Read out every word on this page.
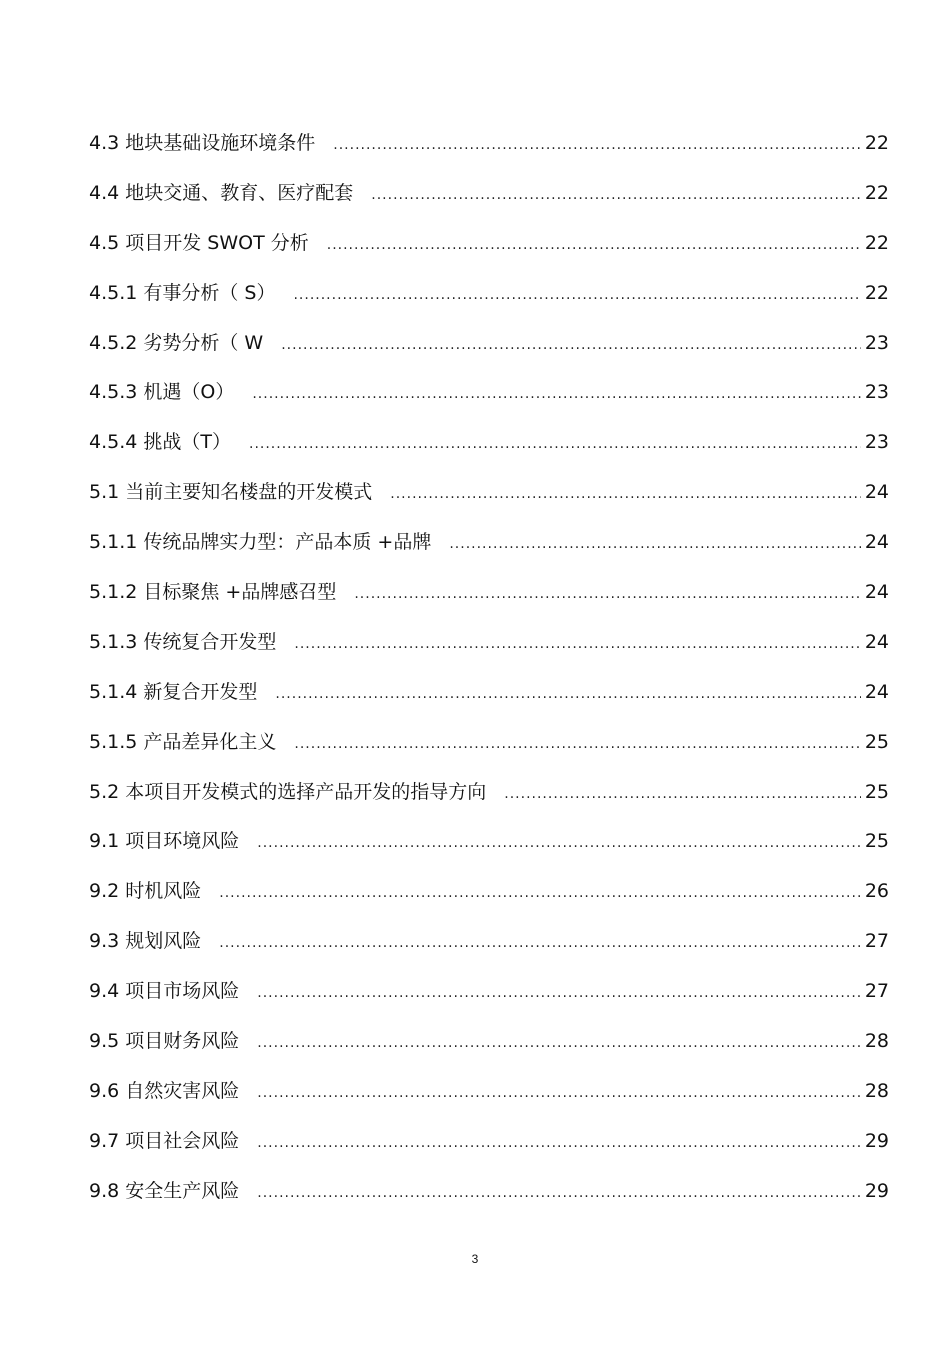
4.3 地块基础设施环境条件 .....	22
4.4 地块交通、教育、医疗配套 .....	22
4.5 项目开发 SWOT 分析 .....	22
4.5.1 有事分析（ S） .....	22
4.5.2 劣势分析（ W .....	23
4.5.3 机遇（O） .....	23
4.5.4 挑战（T） .....	23
5.1 当前主要知名楼盘的开发模式 .....	24
5.1.1 传统品牌实力型：产品本质 +品牌 .....	24
5.1.2 目标聚焦 +品牌感召型 .....	24
5.1.3 传统复合开发型 .....	24
5.1.4 新复合开发型 .....	24
5.1.5 产品差异化主义 .....	25
5.2 本项目开发模式的选择产品开发的指导方向 .....	25
9.1 项目环境风险 .....	25
9.2 时机风险 .....	26
9.3 规划风险 .....	27
9.4 项目市场风险 .....	27
9.5 项目财务风险 .....	28
9.6 自然灾害风险 .....	28
9.7 项目社会风险 .....	29
9.8 安全生产风险 .....	29
3
